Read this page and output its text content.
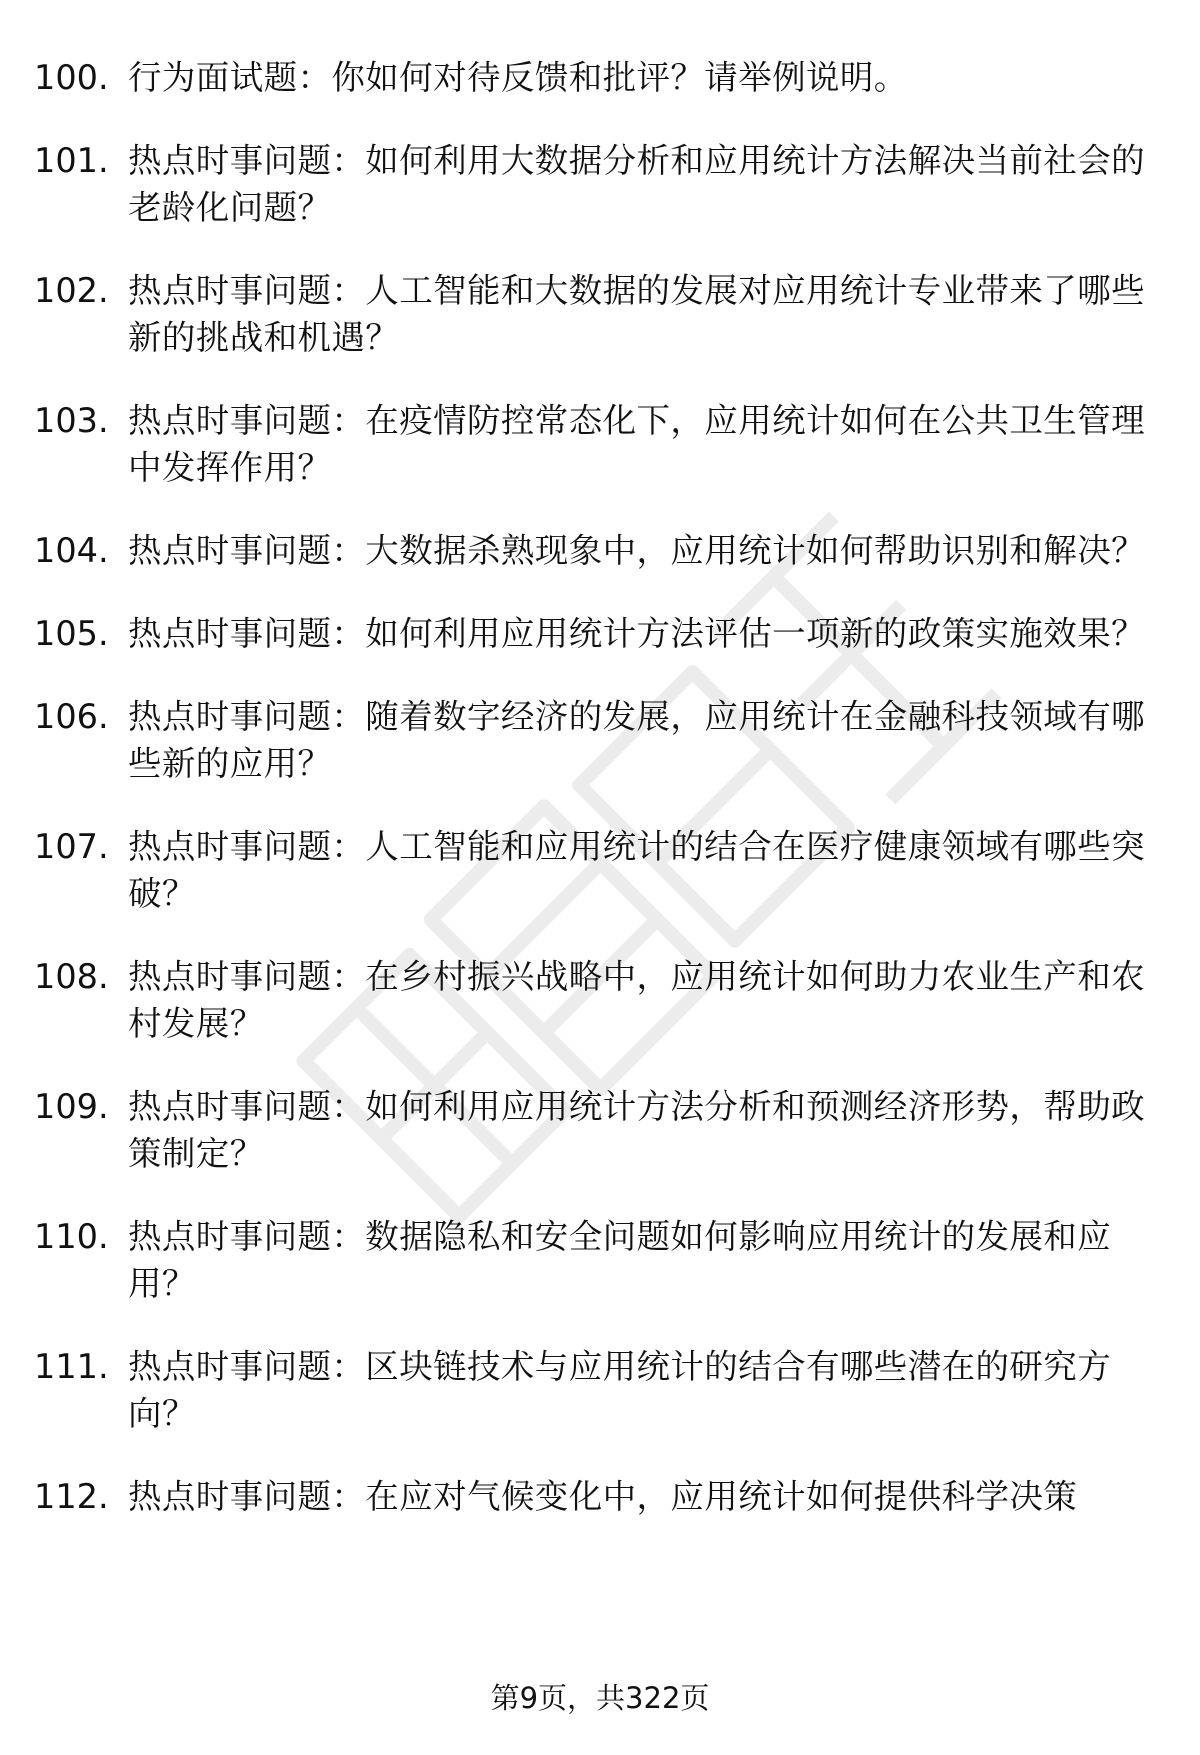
100. 行为面试题：你如何对待反馈和批评？请举例说明。
101. 热点时事问题：如何利用大数据分析和应用统计方法解决当前社会的老龄化问题？
102. 热点时事问题：人工智能和大数据的发展对应用统计专业带来了哪些新的挑战和机遇？
103. 热点时事问题：在疫情防控常态化下，应用统计如何在公共卫生管理中发挥作用？
104. 热点时事问题：大数据杀熟现象中，应用统计如何帮助识别和解决？
105. 热点时事问题：如何利用应用统计方法评估一项新的政策实施效果？
106. 热点时事问题：随着数字经济的发展，应用统计在金融科技领域有哪些新的应用？
107. 热点时事问题：人工智能和应用统计的结合在医疗健康领域有哪些突破？
108. 热点时事问题：在乡村振兴战略中，应用统计如何助力农业生产和农村发展？
109. 热点时事问题：如何利用应用统计方法分析和预测经济形势，帮助政策制定？
110. 热点时事问题：数据隐私和安全问题如何影响应用统计的发展和应用？
111. 热点时事问题：区块链技术与应用统计的结合有哪些潜在的研究方向？
112. 热点时事问题：在应对气候变化中，应用统计如何提供科学决策
第9页，共322页
